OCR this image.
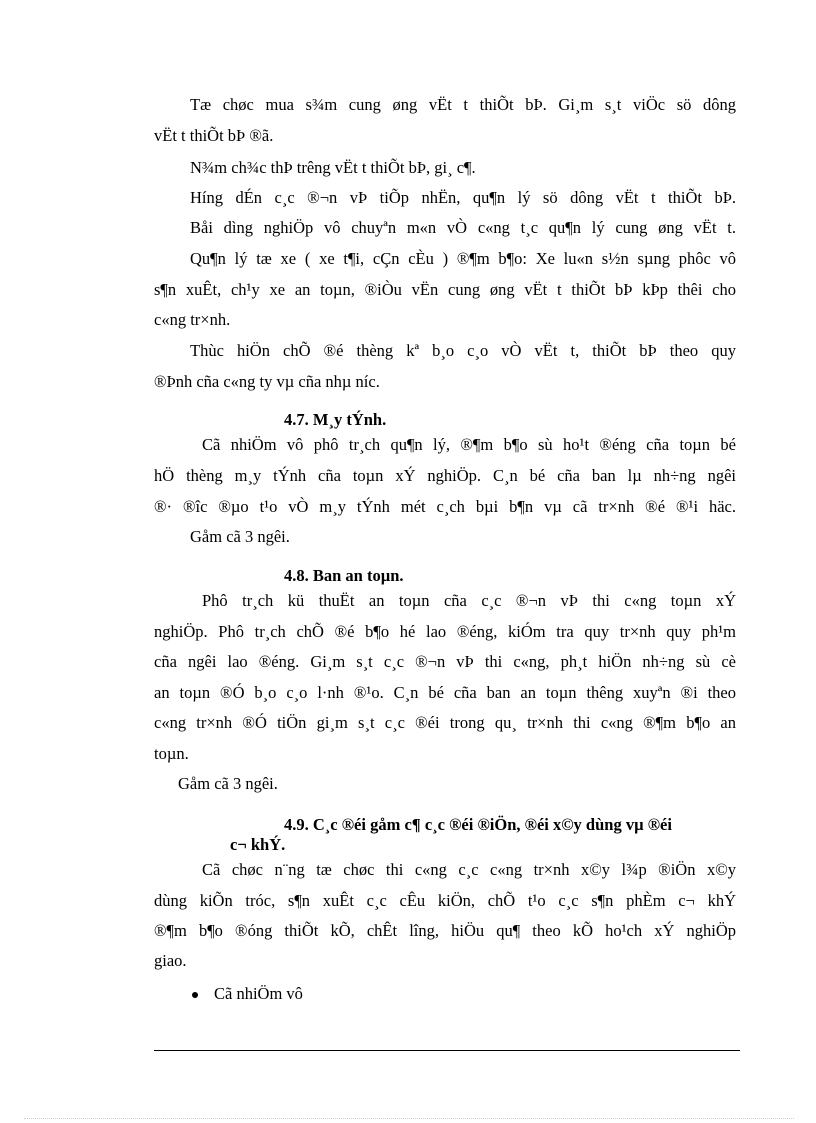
Tæ chøc mua s¾m cung øng vËt t thiÕt bÞ. Gi¸m s¸t viÖc sö dông
vËt t thiÕt bÞ ®ã.
N¾m ch¾c thÞ trêng vËt t thiÕt bÞ, gi¸ c¶.
Híng dÉn c¸c ®¬n vÞ tiÕp nhËn, qu¶n lý sö dông vËt t thiÕt bÞ.
Båi dìng nghiÖp vô chuyªn m«n vÒ c«ng t¸c qu¶n lý cung øng vËt t.
Qu¶n lý tæ xe ( xe t¶i, cÇn cÈu ) ®¶m b¶o: Xe lu«n s½n sµng phôc vô
s¶n xuÊt, ch¹y xe an toµn, ®iÒu vËn cung øng vËt t thiÕt bÞ kÞp thêi cho
c«ng tr×nh.
Thùc hiÖn chÕ ®é thèng kª b¸o c¸o vÒ vËt t, thiÕt bÞ theo quy
®Þnh cña c«ng ty vµ cña nhµ níc.
4.7. M¸y tÝnh.
Cã nhiÖm vô phô tr¸ch qu¶n lý, ®¶m b¶o sù ho¹t ®éng cña toµn bé
hÖ thèng m¸y tÝnh cña toµn xÝ nghiÖp. C¸n bé cña ban lµ nh÷ng ngêi
®· ®îc ®µo t¹o vÒ m¸y tÝnh mét c¸ch bµi b¶n vµ cã tr×nh ®é ®¹i häc.
Gåm cã 3 ngêi.
4.8. Ban an toµn.
Phô tr¸ch kü thuËt an toµn cña c¸c ®¬n vÞ thi c«ng toµn xÝ
nghiÖp. Phô tr¸ch chÕ ®é b¶o hé lao ®éng, kiÓm tra quy tr×nh quy ph¹m
cña ngêi lao ®éng. Gi¸m s¸t c¸c ®¬n vÞ thi c«ng, ph¸t hiÖn nh÷ng sù cè
an toµn ®Ó b¸o c¸o l·nh ®¹o. C¸n bé cña ban an toµn thêng xuyªn ®i theo
c«ng tr×nh ®Ó tiÖn gi¸m s¸t c¸c ®éi trong qu¸ tr×nh thi c«ng ®¶m b¶o an
toµn.
Gåm cã 3 ngêi.
4.9. C¸c ®éi gåm c¶ c¸c ®éi ®iÖn, ®éi x©y dùng vµ ®éi
c¬ khÝ.
Cã chøc n¨ng tæ chøc thi c«ng c¸c c«ng tr×nh x©y l¾p ®iÖn x©y
dùng kiÕn tróc, s¶n xuÊt c¸c cÊu kiÖn, chÕ t¹o c¸c s¶n phÈm c¬ khÝ
®¶m b¶o ®óng thiÕt kÕ, chÊt lîng, hiÖu qu¶ theo kÕ ho¹ch xÝ nghiÖp
giao.
Cã nhiÖm vô
